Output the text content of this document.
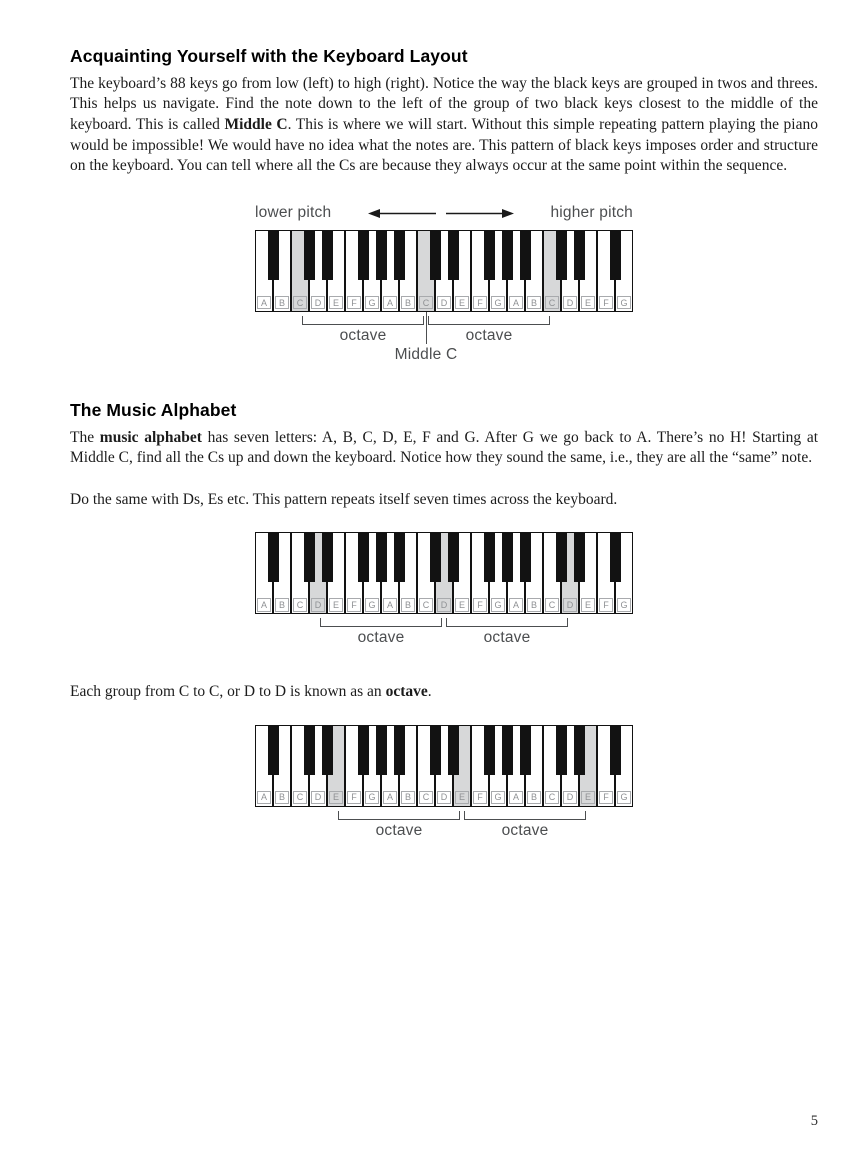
Acquainting Yourself with the Keyboard Layout

The keyboard’s 88 keys go from low (left) to high (right). Notice the way the black keys are grouped in twos and threes. This helps us navigate. Find the note down to the left of the group of two black keys closest to the middle of the keyboard. This is called Middle C. This is where we will start. Without this simple repeating pattern playing the piano would be impossible! We would have no idea what the notes are. This pattern of black keys imposes order and structure on the keyboard. You can tell where all the Cs are because they always occur at the same point within the sequence.

lower pitch	higher pitch
A	B	C	D	E	F	G	A	B	C	D	E	F	G	A	B	C	D	E	F	G
octave	octave
Middle C
The Music Alphabet

The music alphabet has seven letters: A, B, C, D, E, F and G. After G we go back to A. There’s no H! Starting at Middle C, find all the Cs up and down the keyboard. Notice how they sound the same, i.e., they are all the “same” note.

Do the same with Ds, Es etc. This pattern repeats itself seven times across the keyboard.

A	B	C	D	E	F	G	A	B	C	D	E	F	G	A	B	C	D	E	F	G
octave	octave

Each group from C to C, or D to D is known as an octave.

A	B	C	D	E	F	G	A	B	C	D	E	F	G	A	B	C	D	E	F	G
octave	octave
5
